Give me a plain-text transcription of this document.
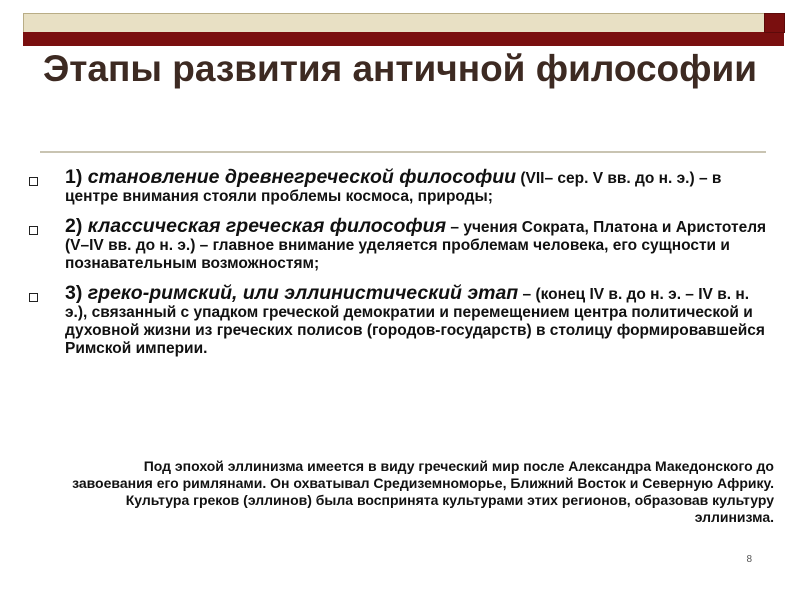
Этапы развития античной философии
1) становление древнегреческой философии (VII– сер. V вв. до н. э.) – в центре внимания стояли проблемы космоса, природы;
2) классическая греческая философия – учения Сократа, Платона и Аристотеля (V–IV вв. до н. э.) – главное внимание уделяется проблемам человека, его сущности и познавательным возможностям;
3) греко-римский, или эллинистический этап – (конец IV в. до н. э. – IV в. н. э.), связанный с упадком греческой демократии и перемещением центра политической и духовной жизни из греческих полисов (городов-государств) в столицу формировавшейся Римской империи.
Под эпохой эллинизма имеется в виду греческий мир после Александра Македонского до завоевания его римлянами. Он охватывал Средиземноморье, Ближний Восток и Северную Африку. Культура греков (эллинов) была воспринята культурами этих регионов, образовав культуру эллинизма.
8
